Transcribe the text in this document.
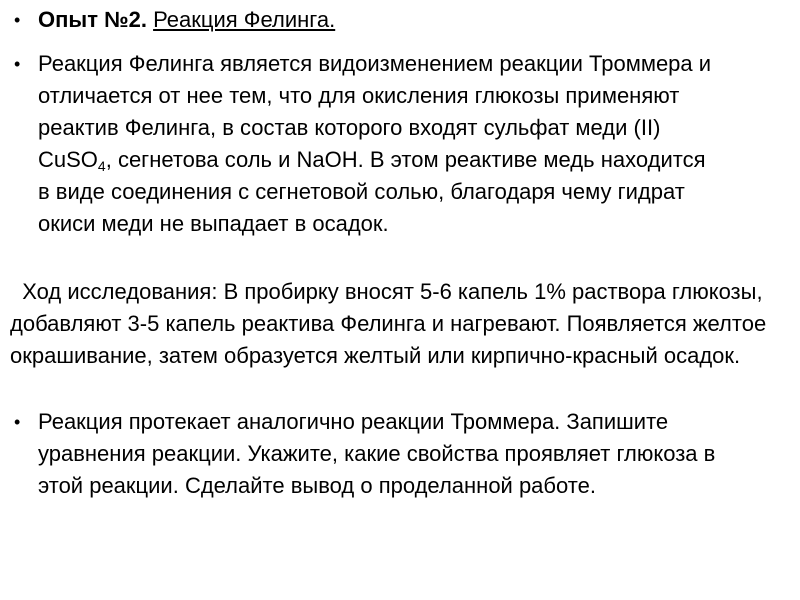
• Опыт №2. Реакция Фелинга.
• Реакция Фелинга является видоизменением реакции Троммера и отличается от нее тем, что для окисления глюкозы применяют реактив Фелинга, в состав которого входят сульфат меди (II) CuSO$_4$, сегнетова соль и NaOH. В этом реактиве медь находится в виде соединения с сегнетовой солью, благодаря чему гидрат окиси меди не выпадает в осадок.
Ход исследования: В пробирку вносят 5-6 капель 1% раствора глюкозы, добавляют 3-5 капель реактива Фелинга и нагревают. Появляется желтое окрашивание, затем образуется желтый или кирпично-красный осадок.
• Реакция протекает аналогично реакции Троммера. Запишите уравнения реакции. Укажите, какие свойства проявляет глюкоза в этой реакции. Сделайте вывод о проделанной работе.
